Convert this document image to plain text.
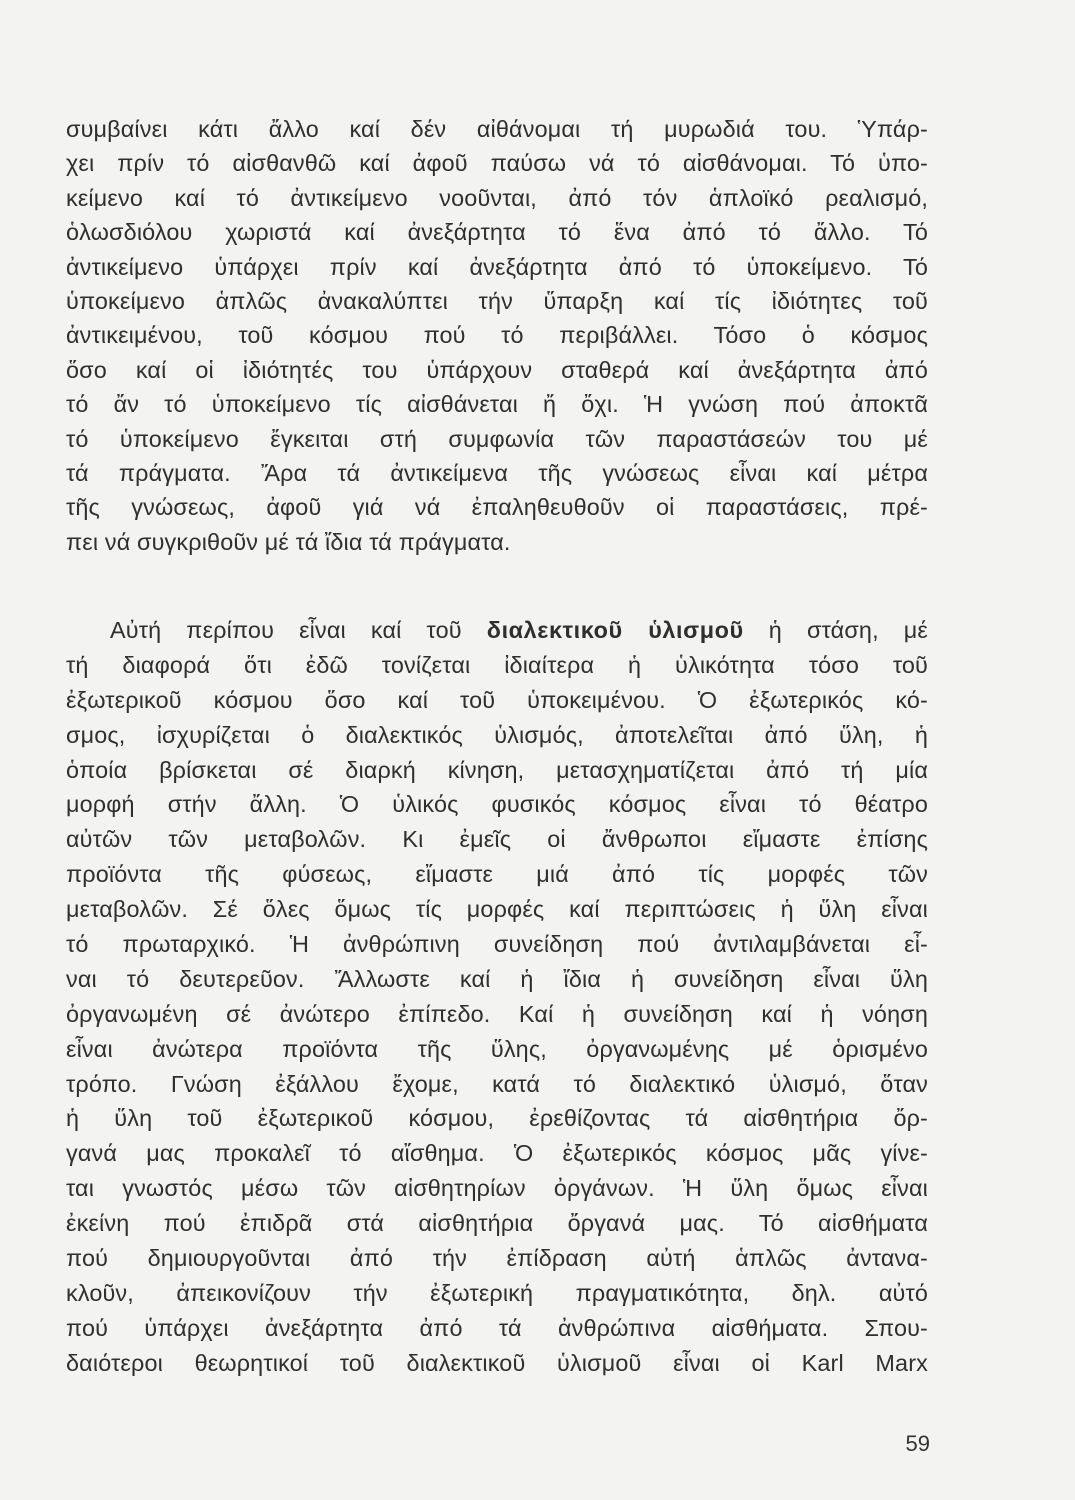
συμβαίνει κάτι ἄλλο καί δέν αἰθάνομαι τή μυρωδιά του. Ὑπάρ-
χει πρίν τό αἰσθανθῶ καί ἀφοῦ παύσω νά τό αἰσθάνομαι. Τό ὑπο-
κείμενο καί τό ἀντικείμενο νοοῦνται, ἀπό τόν ἁπλοϊκό ρεαλισμό,
ὁλωσδιόλου χωριστά καί ἀνεξάρτητα τό ἕνα ἀπό τό ἄλλο. Τό
ἀντικείμενο ὑπάρχει πρίν καί ἀνεξάρτητα ἀπό τό ὑποκείμενο. Τό
ὑποκείμενο ἁπλῶς ἀνακαλύπτει τήν ὕπαρξη καί τίς ἰδιότητες τοῦ
ἀντικειμένου, τοῦ κόσμου πού τό περιβάλλει. Τόσο ὁ κόσμος
ὅσο καί οἱ ἰδιότητές του ὑπάρχουν σταθερά καί ἀνεξάρτητα ἀπό
τό ἄν τό ὑποκείμενο τίς αἰσθάνεται ἤ ὄχι. Ἡ γνώση πού ἀποκτᾶ
τό ὑποκείμενο ἔγκειται στή συμφωνία τῶν παραστάσεών του μέ
τά πράγματα. Ἄρα τά ἀντικείμενα τῆς γνώσεως εἶναι καί μέτρα
τῆς γνώσεως, ἀφοῦ γιά νά ἐπαληθευθοῦν οἱ παραστάσεις, πρέ-
πει νά συγκριθοῦν μέ τά ἴδια τά πράγματα.
Αὐτή περίπου εἶναι καί τοῦ διαλεκτικοῦ ὑλισμοῦ ἡ στάση, μέ
τή διαφορά ὅτι ἐδῶ τονίζεται ἰδιαίτερα ἡ ὑλικότητα τόσο τοῦ
ἐξωτερικοῦ κόσμου ὅσο καί τοῦ ὑποκειμένου. Ὁ ἐξωτερικός κό-
σμος, ἰσχυρίζεται ὁ διαλεκτικός ὑλισμός, ἀποτελεῖται ἀπό ὕλη, ἡ
ὁποία βρίσκεται σέ διαρκή κίνηση, μετασχηματίζεται ἀπό τή μία
μορφή στήν ἄλλη. Ὁ ὑλικός φυσικός κόσμος εἶναι τό θέατρο
αὐτῶν τῶν μεταβολῶν. Κι ἐμεῖς οἱ ἄνθρωποι εἴμαστε ἐπίσης
προϊόντα τῆς φύσεως, εἴμαστε μιά ἀπό τίς μορφές τῶν
μεταβολῶν. Σέ ὅλες ὅμως τίς μορφές καί περιπτώσεις ἡ ὕλη εἶναι
τό πρωταρχικό. Ἡ ἀνθρώπινη συνείδηση πού ἀντιλαμβάνεται εἶ-
ναι τό δευτερεῦον. Ἄλλωστε καί ἡ ἴδια ἡ συνείδηση εἶναι ὕλη
ὀργανωμένη σέ ἀνώτερο ἐπίπεδο. Καί ἡ συνείδηση καί ἡ νόηση
εἶναι ἀνώτερα προϊόντα τῆς ὕλης, ὀργανωμένης μέ ὁρισμένο
τρόπο. Γνώση ἐξάλλου ἔχομε, κατά τό διαλεκτικό ὑλισμό, ὅταν
ἡ ὕλη τοῦ ἐξωτερικοῦ κόσμου, ἐρεθίζοντας τά αἰσθητήρια ὄρ-
γανά μας προκαλεῖ τό αἴσθημα. Ὁ ἐξωτερικός κόσμος μᾶς γίνε-
ται γνωστός μέσω τῶν αἰσθητηρίων ὀργάνων. Ἡ ὕλη ὅμως εἶναι
ἐκείνη πού ἐπιδρᾶ στά αἰσθητήρια ὄργανά μας. Τό αἰσθήματα
πού δημιουργοῦνται ἀπό τήν ἐπίδραση αὐτή ἁπλῶς ἀντανα-
κλοῦν, ἀπεικονίζουν τήν ἐξωτερική πραγματικότητα, δηλ. αὐτό
πού ὑπάρχει ἀνεξάρτητα ἀπό τά ἀνθρώπινα αἰσθήματα. Σπου-
δαιότεροι θεωρητικοί τοῦ διαλεκτικοῦ ὑλισμοῦ εἶναι οἱ Karl Marx
59
